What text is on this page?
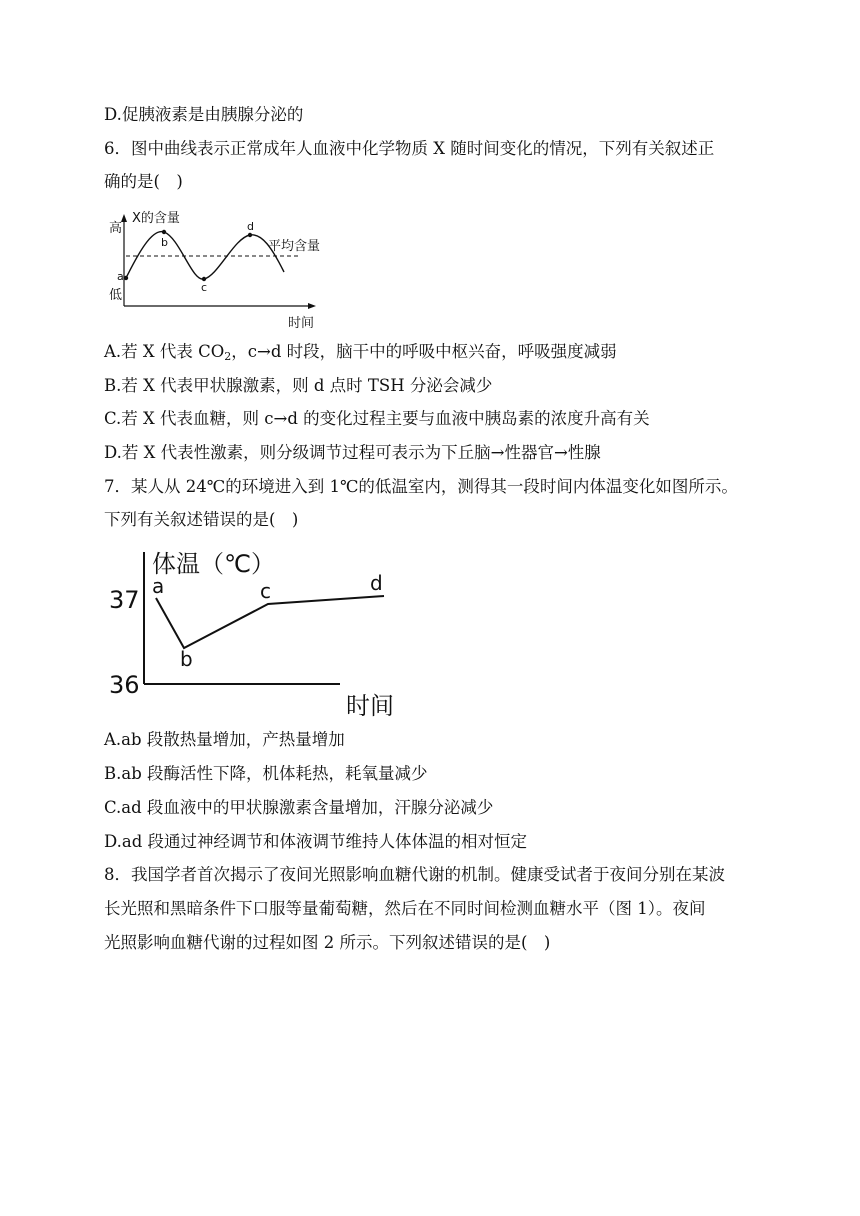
D.促胰液素是由胰腺分泌的
6．图中曲线表示正常成年人血液中化学物质 X 随时间变化的情况，下列有关叙述正
确的是(　)
X的含量
高
低
时间
平均含量
a
b
c
d
A.若 X 代表 $CO_2$，c→d 时段，脑干中的呼吸中枢兴奋，呼吸强度减弱
B.若 X 代表甲状腺激素，则 d 点时 TSH 分泌会减少
C.若 X 代表血糖，则 c→d 的变化过程主要与血液中胰岛素的浓度升高有关
D.若 X 代表性激素，则分级调节过程可表示为下丘脑→性器官→性腺
7．某人从 24℃的环境进入到 1℃的低温室内，测得其一段时间内体温变化如图所示。
下列有关叙述错误的是(　)
体温（℃）
37
36
时间
a
b
c	d
A.ab 段散热量增加，产热量增加
B.ab 段酶活性下降，机体耗热，耗氧量减少
C.ad 段血液中的甲状腺激素含量增加，汗腺分泌减少
D.ad 段通过神经调节和体液调节维持人体体温的相对恒定
8．我国学者首次揭示了夜间光照影响血糖代谢的机制。健康受试者于夜间分别在某波
长光照和黑暗条件下口服等量葡萄糖，然后在不同时间检测血糖水平（图 1）。夜间
光照影响血糖代谢的过程如图 2 所示。下列叙述错误的是(　)
